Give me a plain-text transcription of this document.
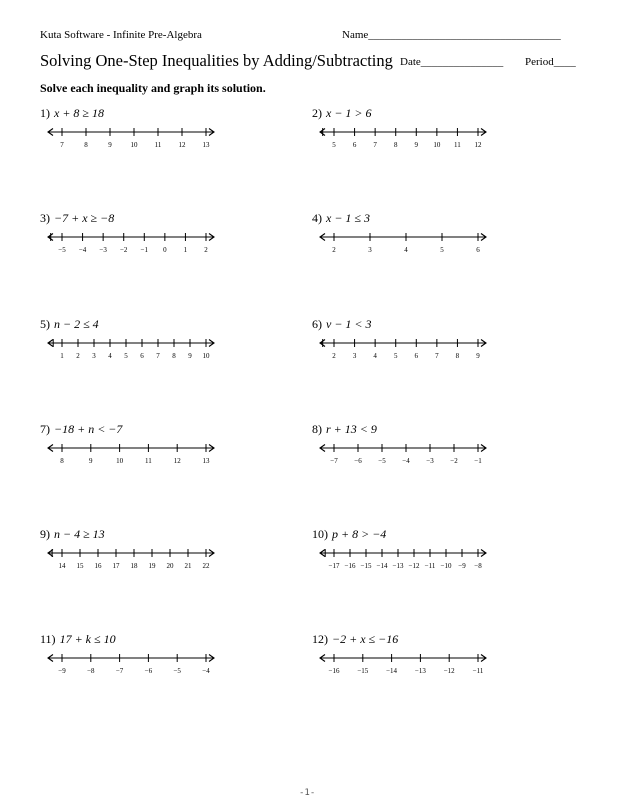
Kuta Software - Infinite Pre-Algebra	Name___________________________________
Solving One-Step Inequalities by Adding/Subtracting Date_______________ Period____
Solve each inequality and graph its solution.
1) x + 8 ≥ 18
7	8	9	10 11 12 13
2) x − 1 > 6
5 6 7 8 9 10 11 12
3) −7 + x ≥ −8
−5 −4 −3 −2 −1 0 1 2
4) x − 1 ≤ 3
2	3	4	5	6
5) n − 2 ≤ 4
1 2 3 4 5 6 7 8 9 10
6) v − 1 < 3
2 3 4 5 6 7 8 9
7) −18 + n < −7
8	9	10	11	12	13
8) r + 13 < 9
−7 −6 −5 −4 −3 −2 −1
9) n − 4 ≥ 13
14 15 16 17 18 19 20 21 22
10) p + 8 > −4
−17 −16 −15 −14 −13 −12 −11 −10 −9 −8
11) 17 + k ≤ 10
−9	−8	−7	−6	−5	−4
12) −2 + x ≤ −16
−16	−15	−14	−13	−12	−11
-1-
